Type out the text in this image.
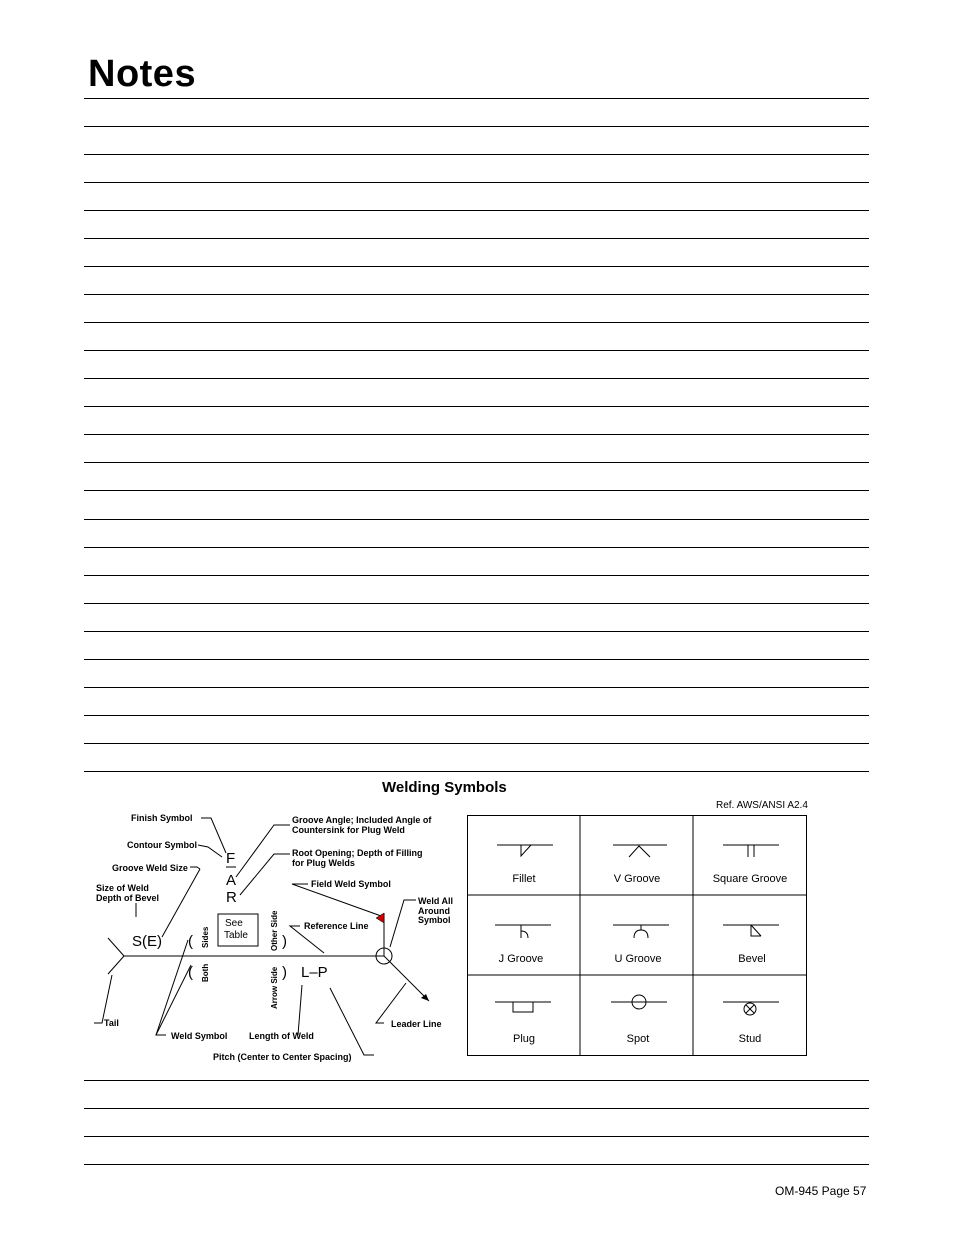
Notes
Welding Symbols
Ref. AWS/ANSI A2.4
Finish Symbol
Contour Symbol
Groove Weld Size
Size of Weld
Depth of Bevel
Groove Angle; Included Angle of
Countersink for Plug Weld
Root Opening; Depth of Filling
for Plug Welds
Field Weld Symbol
Weld All
Around
Symbol
Reference Line
F
A
R
S(E) (
(
)
) L–P
See
Table
Sides
Both
Other Side
Arrow Side
Tail
Weld Symbol Length of Weld
Leader Line
Pitch (Center to Center Spacing)
Fillet	V Groove	Square Groove
J Groove	U Groove	Bevel
Plug	Spot	Stud
OM-945 Page 57
